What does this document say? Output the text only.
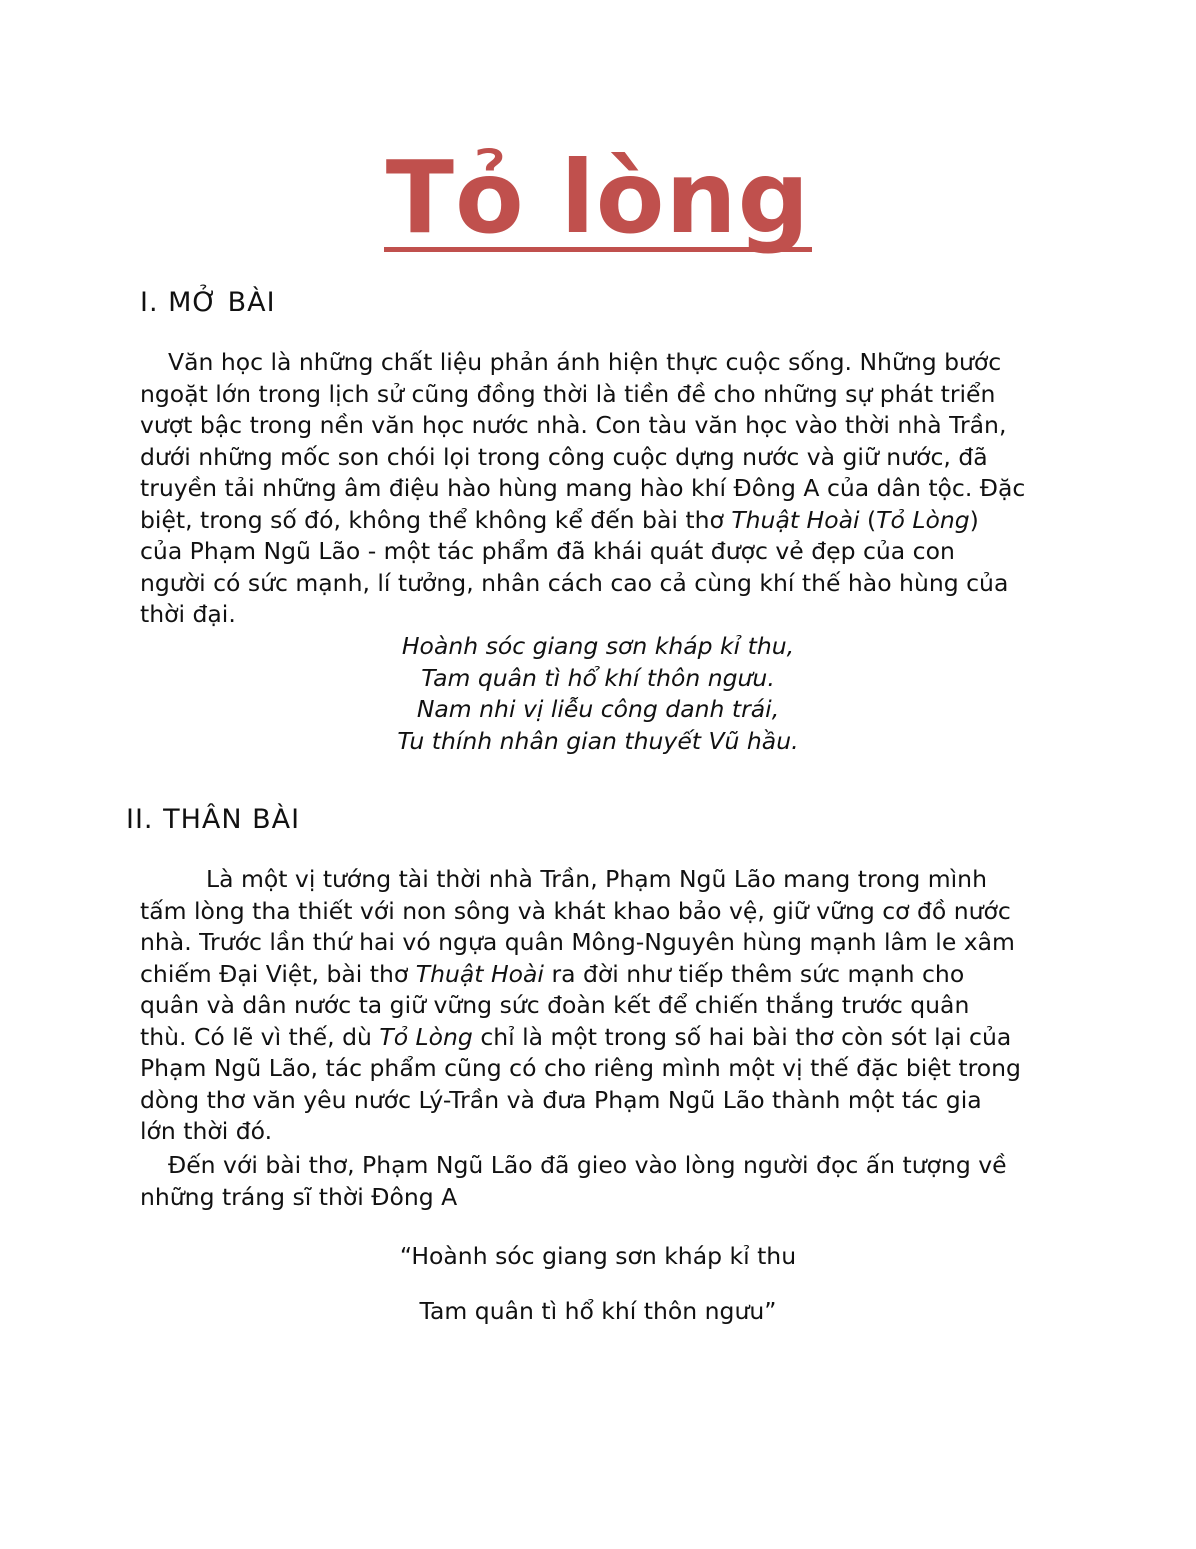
Tỏ lòng
I. MỞ BÀI
Văn học là những chất liệu phản ánh hiện thực cuộc sống. Những bước
ngoặt lớn trong lịch sử cũng đồng thời là tiền đề cho những sự phát triển
vượt bậc trong nền văn học nước nhà. Con tàu văn học vào thời nhà Trần,
dưới những mốc son chói lọi trong công cuộc dựng nước và giữ nước, đã
truyền tải những âm điệu hào hùng mang hào khí Đông A của dân tộc. Đặc
biệt, trong số đó, không thể không kể đến bài thơ Thuật Hoài (Tỏ Lòng)
của Phạm Ngũ Lão - một tác phẩm đã khái quát được vẻ đẹp của con
người có sức mạnh, lí tưởng, nhân cách cao cả cùng khí thế hào hùng của
thời đại.
Hoành sóc giang sơn kháp kỉ thu,
Tam quân tì hổ khí thôn ngưu.
Nam nhi vị liễu công danh trái,
Tu thính nhân gian thuyết Vũ hầu.
II. THÂN BÀI
Là một vị tướng tài thời nhà Trần, Phạm Ngũ Lão mang trong mình
tấm lòng tha thiết với non sông và khát khao bảo vệ, giữ vững cơ đồ nước
nhà. Trước lần thứ hai vó ngựa quân Mông-Nguyên hùng mạnh lâm le xâm
chiếm Đại Việt, bài thơ Thuật Hoài ra đời như tiếp thêm sức mạnh cho
quân và dân nước ta giữ vững sức đoàn kết để chiến thắng trước quân
thù. Có lẽ vì thế, dù Tỏ Lòng chỉ là một trong số hai bài thơ còn sót lại của
Phạm Ngũ Lão, tác phẩm cũng có cho riêng mình một vị thế đặc biệt trong
dòng thơ văn yêu nước Lý-Trần và đưa Phạm Ngũ Lão thành một tác gia
lớn thời đó.
Đến với bài thơ, Phạm Ngũ Lão đã gieo vào lòng người đọc ấn tượng về
những tráng sĩ thời Đông A
“Hoành sóc giang sơn kháp kỉ thu
Tam quân tì hổ khí thôn ngưu”
